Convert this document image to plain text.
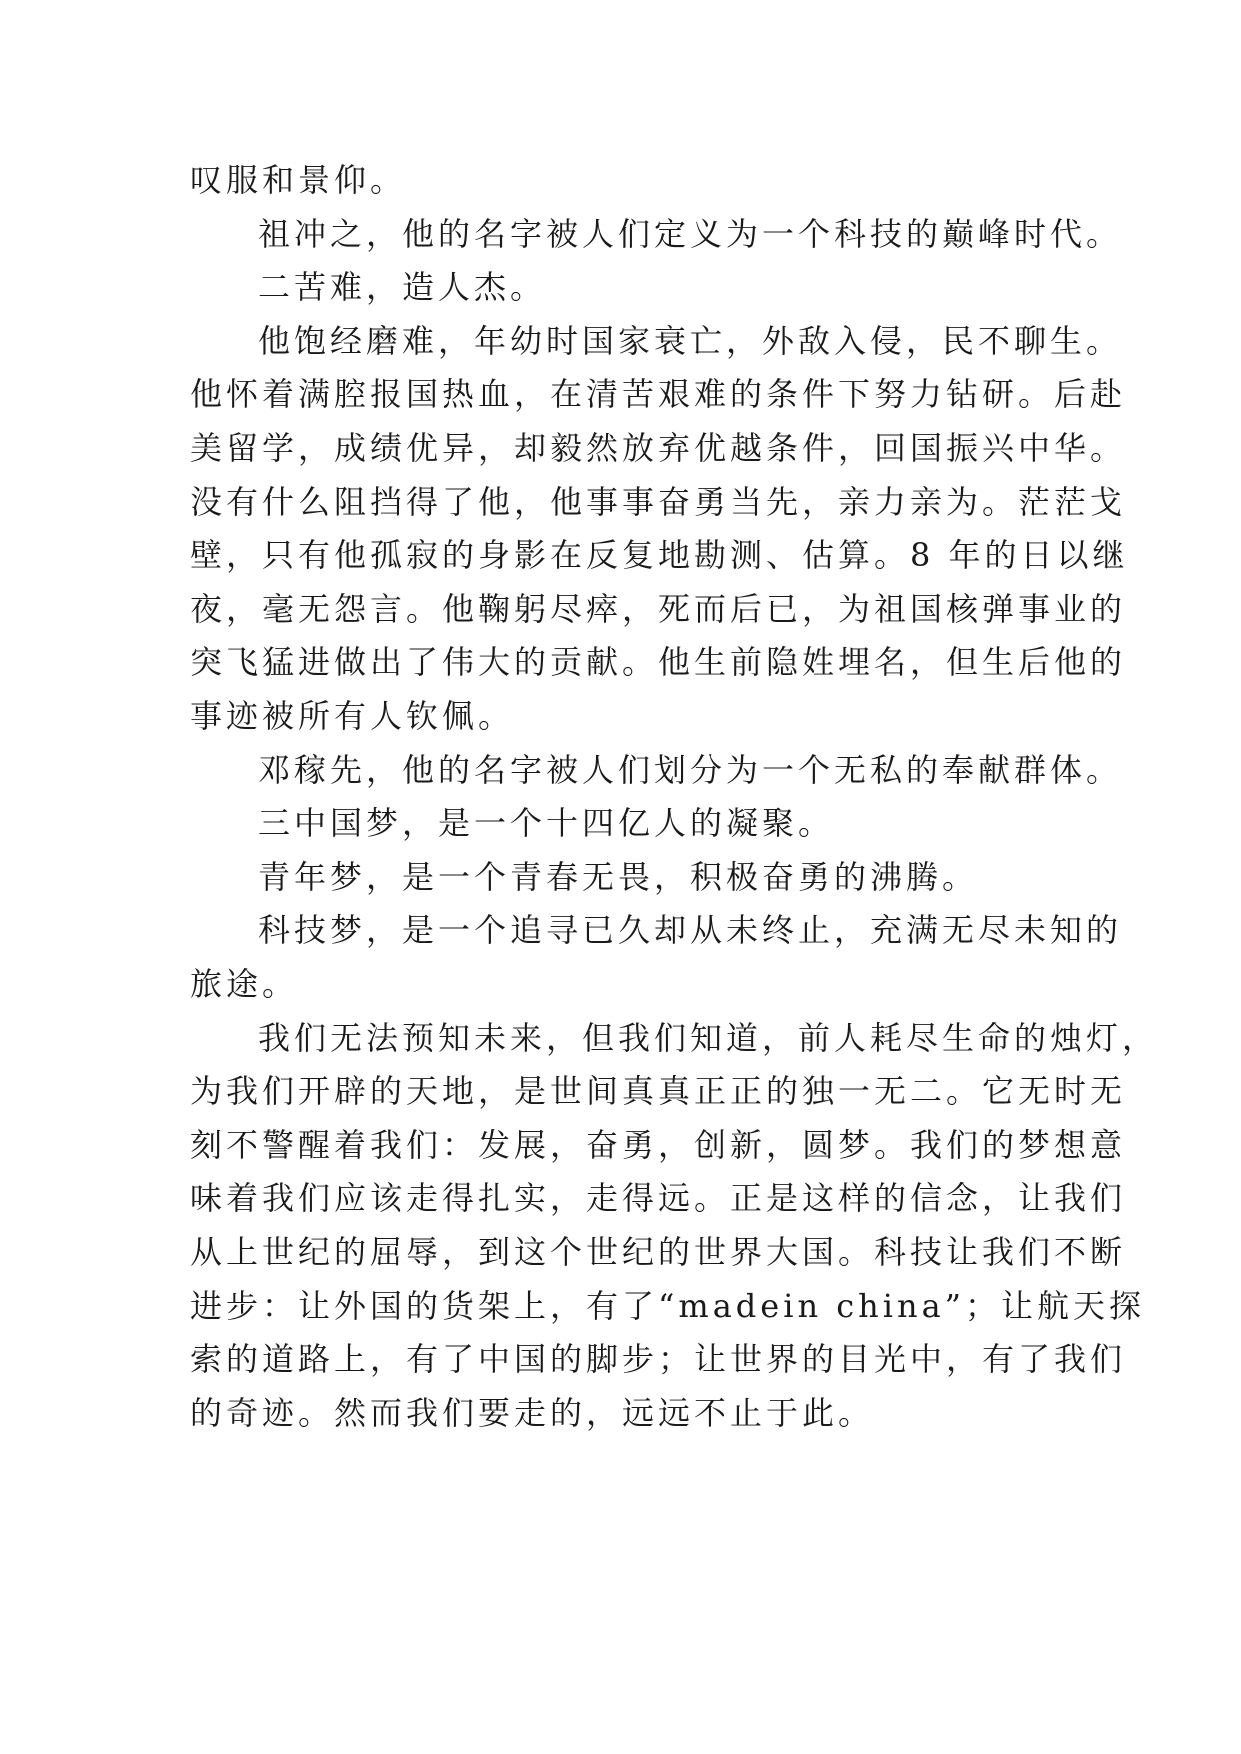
叹服和景仰。
祖冲之，他的名字被人们定义为一个科技的巅峰时代。
二苦难，造人杰。
他饱经磨难，年幼时国家衰亡，外敌入侵，民不聊生。
他怀着满腔报国热血，在清苦艰难的条件下努力钻研。后赴
美留学，成绩优异，却毅然放弃优越条件，回国振兴中华。
没有什么阻挡得了他，他事事奋勇当先，亲力亲为。茫茫戈
壁，只有他孤寂的身影在反复地勘测、估算。8 年的日以继
夜，毫无怨言。他鞠躬尽瘁，死而后已，为祖国核弹事业的
突飞猛进做出了伟大的贡献。他生前隐姓埋名，但生后他的
事迹被所有人钦佩。
邓稼先，他的名字被人们划分为一个无私的奉献群体。
三中国梦，是一个十四亿人的凝聚。
青年梦，是一个青春无畏，积极奋勇的沸腾。
科技梦，是一个追寻已久却从未终止，充满无尽未知的
旅途。
我们无法预知未来，但我们知道，前人耗尽生命的烛灯，
为我们开辟的天地，是世间真真正正的独一无二。它无时无
刻不警醒着我们：发展，奋勇，创新，圆梦。我们的梦想意
味着我们应该走得扎实，走得远。正是这样的信念，让我们
从上世纪的屈辱，到这个世纪的世界大国。科技让我们不断
进步：让外国的货架上，有了“madein china”；让航天探
索的道路上，有了中国的脚步；让世界的目光中，有了我们
的奇迹。然而我们要走的，远远不止于此。
